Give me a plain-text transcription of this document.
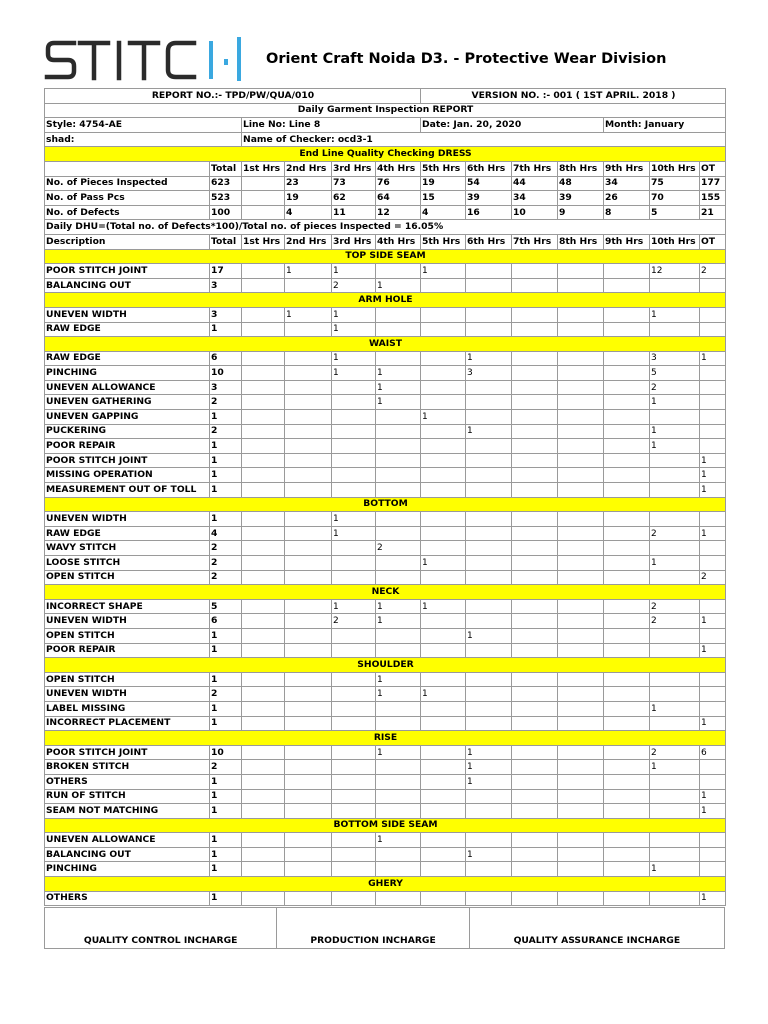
Orient Craft Noida D3. - Protective Wear Division
REPORT NO.:- TPD/PW/QUA/010						VERSION NO. :- 001 ( 1ST APRIL. 2018 )						
Daily Garment Inspection REPORT												
Style: 4754-AE		Line No: Line 8				Date: Jan. 20, 2020				Month: January		
shad:		Name of Checker: ocd3-1										
End Line Quality Checking DRESS												
	Total	1st Hrs	2nd Hrs	3rd Hrs	4th Hrs	5th Hrs	6th Hrs	7th Hrs	8th Hrs	9th Hrs	10th Hrs	OT
No. of Pieces Inspected	623		23	73	76	19	54	44	48	34	75	177
No. of Pass Pcs	523		19	62	64	15	39	34	39	26	70	155
No. of Defects	100		4	11	12	4	16	10	9	8	5	21
Daily DHU=(Total no. of Defects*100)/Total no. of pieces Inspected = 16.05%												
Description	Total	1st Hrs	2nd Hrs	3rd Hrs	4th Hrs	5th Hrs	6th Hrs	7th Hrs	8th Hrs	9th Hrs	10th Hrs	OT
TOP SIDE SEAM												
POOR STITCH JOINT	17		1	1		1					12	2
BALANCING OUT	3			2	1							
ARM HOLE												
UNEVEN WIDTH	3		1	1							1	
RAW EDGE	1			1								
WAIST												
RAW EDGE	6			1			1				3	1
PINCHING	10			1	1		3				5	
UNEVEN ALLOWANCE	3				1						2	
UNEVEN GATHERING	2				1						1	
UNEVEN GAPPING	1					1						
PUCKERING	2						1				1	
POOR REPAIR	1										1	
POOR STITCH JOINT	1											1
MISSING OPERATION	1											1
MEASUREMENT OUT OF TOLL	1											1
BOTTOM												
UNEVEN WIDTH	1			1								
RAW EDGE	4			1							2	1
WAVY STITCH	2				2							
LOOSE STITCH	2					1					1	
OPEN STITCH	2											2
NECK												
INCORRECT SHAPE	5			1	1	1					2	
UNEVEN WIDTH	6			2	1						2	1
OPEN STITCH	1						1					
POOR REPAIR	1											1
SHOULDER												
OPEN STITCH	1				1							
UNEVEN WIDTH	2				1	1						
LABEL MISSING	1										1	
INCORRECT PLACEMENT	1											1
RISE												
POOR STITCH JOINT	10				1		1				2	6
BROKEN STITCH	2						1				1	
OTHERS	1						1					
RUN OF STITCH	1											1
SEAM NOT MATCHING	1											1
BOTTOM SIDE SEAM												
UNEVEN ALLOWANCE	1				1							
BALANCING OUT	1						1					
PINCHING	1										1	
GHERY												
OTHERS	1											1
QUALITY CONTROL INCHARGE	PRODUCTION INCHARGE	QUALITY ASSURANCE INCHARGE
